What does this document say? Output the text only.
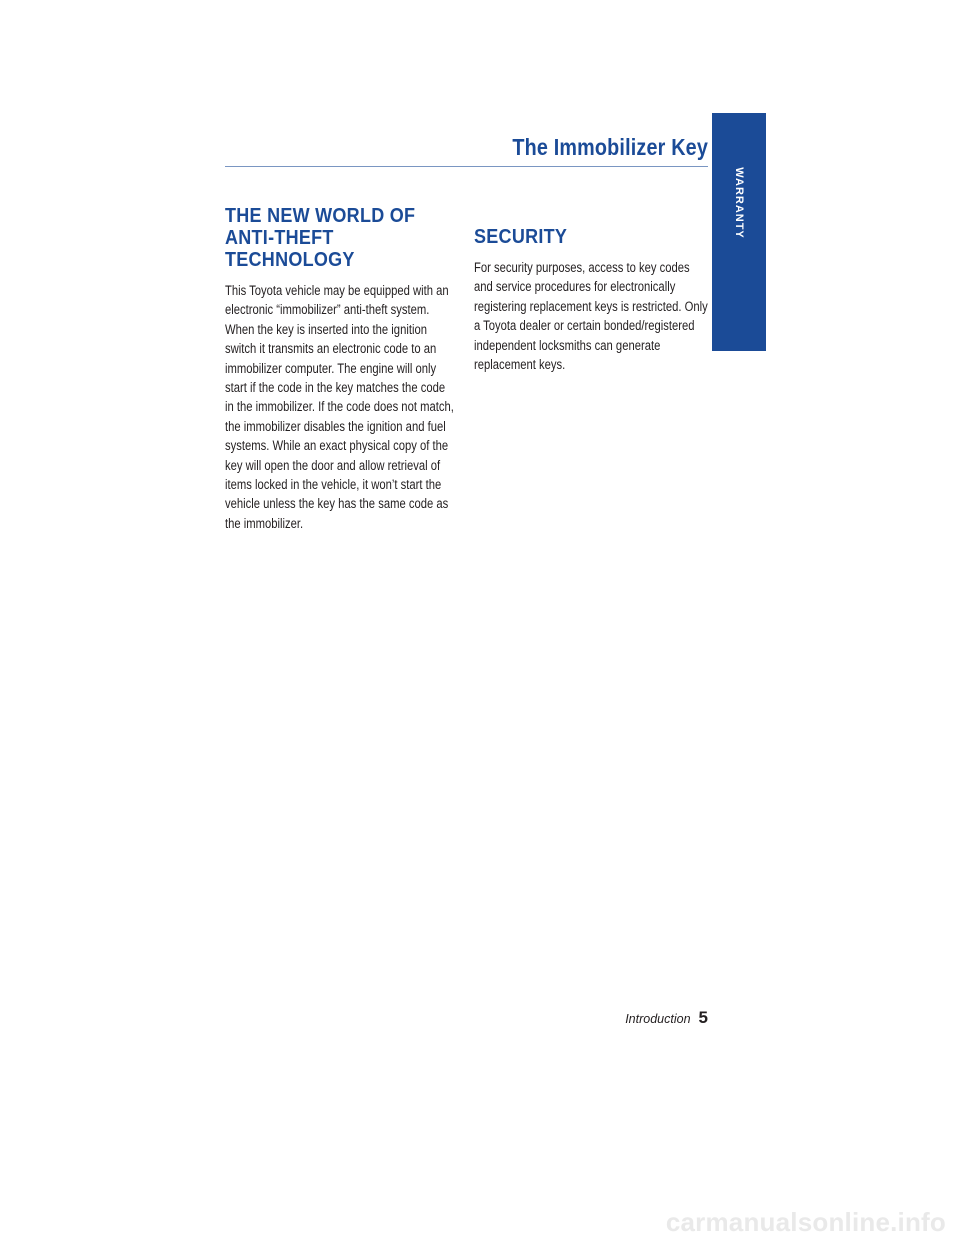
The Immobilizer Key
WARRANTY
THE NEW WORLD OF
ANTI-THEFT TECHNOLOGY

This Toyota vehicle may be equipped with an electronic “immobilizer” anti-theft system. When the key is inserted into the ignition switch it transmits an electronic code to an immobilizer computer. The engine will only start if the code in the key matches the code in the immobilizer. If the code does not match, the immobilizer disables the ignition and fuel systems. While an exact physical copy of the key will open the door and allow retrieval of items locked in the vehicle, it won’t start the vehicle unless the key has the same code as the immobilizer.

SECURITY

For security purposes, access to key codes and service procedures for electronically registering replacement keys is restricted. Only a Toyota dealer or certain bonded/registered independent locksmiths can generate replacement keys.

Introduction 5
carmanualsonline.info
